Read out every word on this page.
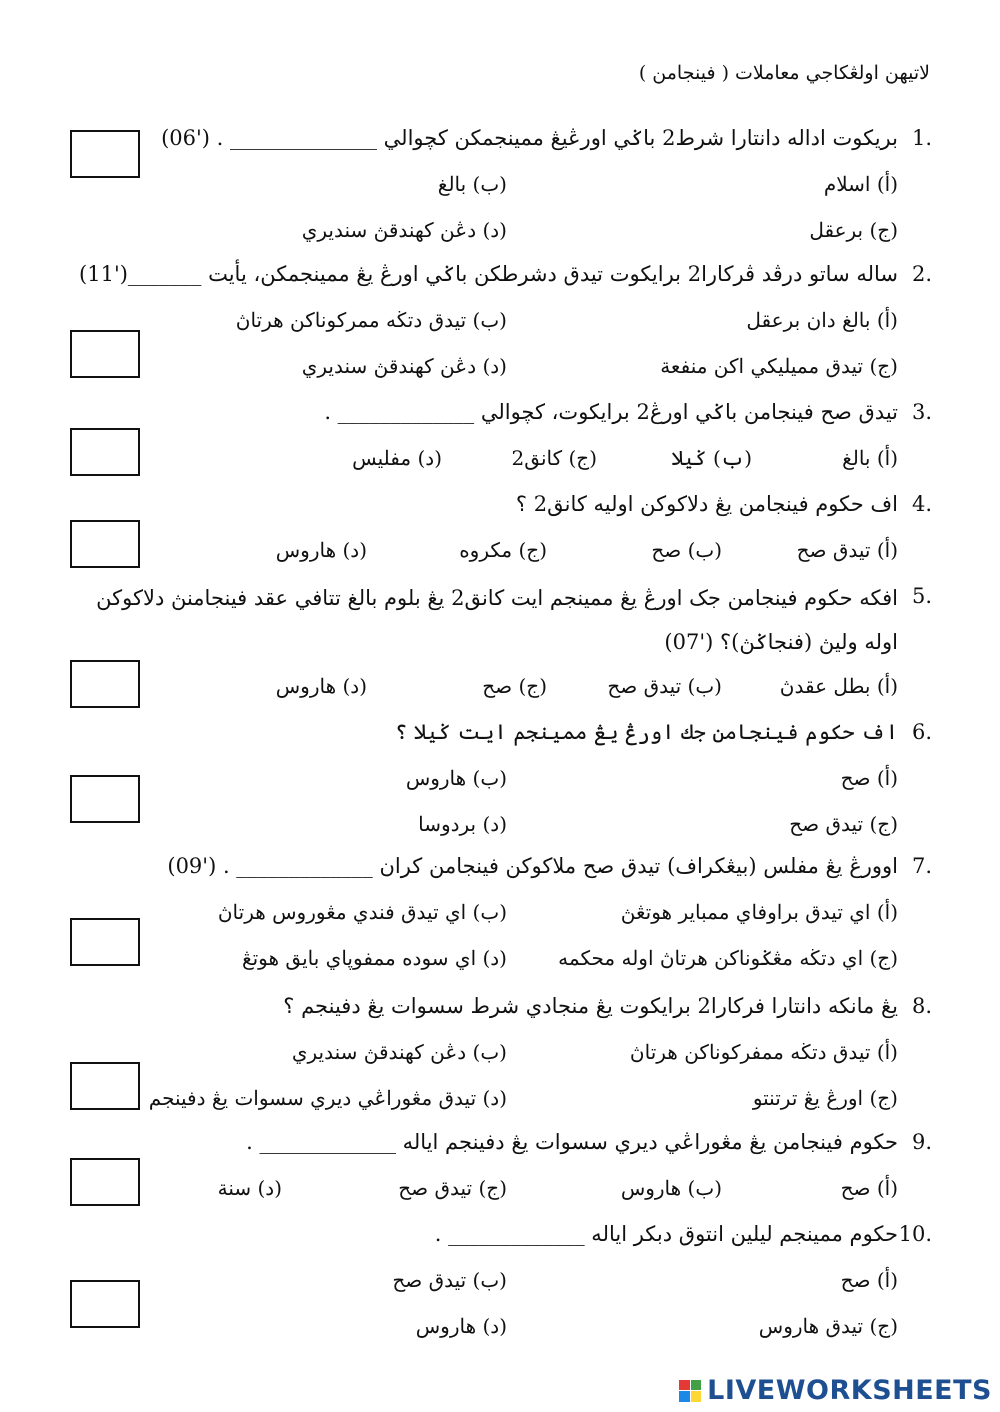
لاتيهن اولڠکاجي معاملات ( فينجامن )
1.
بريکوت اداله دانتارا شرط2 باݢي اورڠيڠ ممينجمکن کچوالي ______________ . ('06)
(أ) اسلام
(ب) بالغ
(ج) برعقل
(د) دڠن کهندقڽ سنديري
2.
ساله ساتو درڤد ڤرکارا2 برايکوت تيدق دشرطکن باݢي اورڠ يڠ ممينجمکن، يأيت _______('11)
(أ) بالغ دان برعقل
(ب) تيدق دتڬه ممرکوناکن هرتاڽ
(ج) تيدق مميليکي اکن منفعة
(د) دڠن کهندقڽ سنديري
3.
تيدق صح فينجامن باݢي اورڠ2 برايکوت، کچوالي _____________ .
(أ) بالغ
(ب) ݢيلا
(ج) کانق2
(د) مفليس
4.
اف حکوم فينجامن يڠ دلاکوکن اوليه کانق2 ؟
(أ) تيدق صح
(ب) صح
(ج) مکروه
(د) هاروس
5.
افکه حکوم فينجامن جک اورڠ يڠ ممينجم ايت کانق2 يڠ بلوم بالغ تتافي عقد فينجامنڽ دلاکوکن اوله وليڽ (فنجاݢڽ)؟ ('07)
(أ) بطل عقدڽ
(ب) تيدق صح
(ج) صح
(د) هاروس
6.
اف حکوم فينجامن جك اورڠ يڠ ممينجم ايت ݢيلا ؟
(أ) صح
(ب) هاروس
(ج) تيدق صح
(د) بردوسا
7.
اوورڠ يڠ مفلس (بيڠکراف) تيدق صح ملاکوکن فينجامن کران _____________ . ('09)
(أ) اي تيدق براوفاي ممباير هوتڠڽ
(ب) اي تيدق فندي مڠوروس هرتاڽ
(ج) اي دتڬه مڠݢوناکن هرتاڽ اوله محکمه
(د) اي سوده ممفوڽاي بايق هوتڠ
8.
يڠ مانکه دانتارا فرکارا2 برايکوت يڠ منجادي شرط سسوات يڠ دفينجم ؟
(أ) تيدق دتڬه ممفرکوناکن هرتاڽ
(ب) دڠن کهندقڽ سنديري
(ج) اورڠ يڠ ترتنتو
(د) تيدق مڠوراڠي ديري سسوات يڠ دفينجم
9.
حکوم فينجامن يڠ مڠوراڠي ديري سسوات يڠ دفينجم اياله _____________ .
(أ) صح
(ب) هاروس
(ج) تيدق صح
(د) سنة
10.
حکوم ممينجم ليلين انتوق دبکر اياله _____________ .
(أ) صح
(ب) تيدق صح
(ج) تيدق هاروس
(د) هاروس
LIVEWORKSHEETS
